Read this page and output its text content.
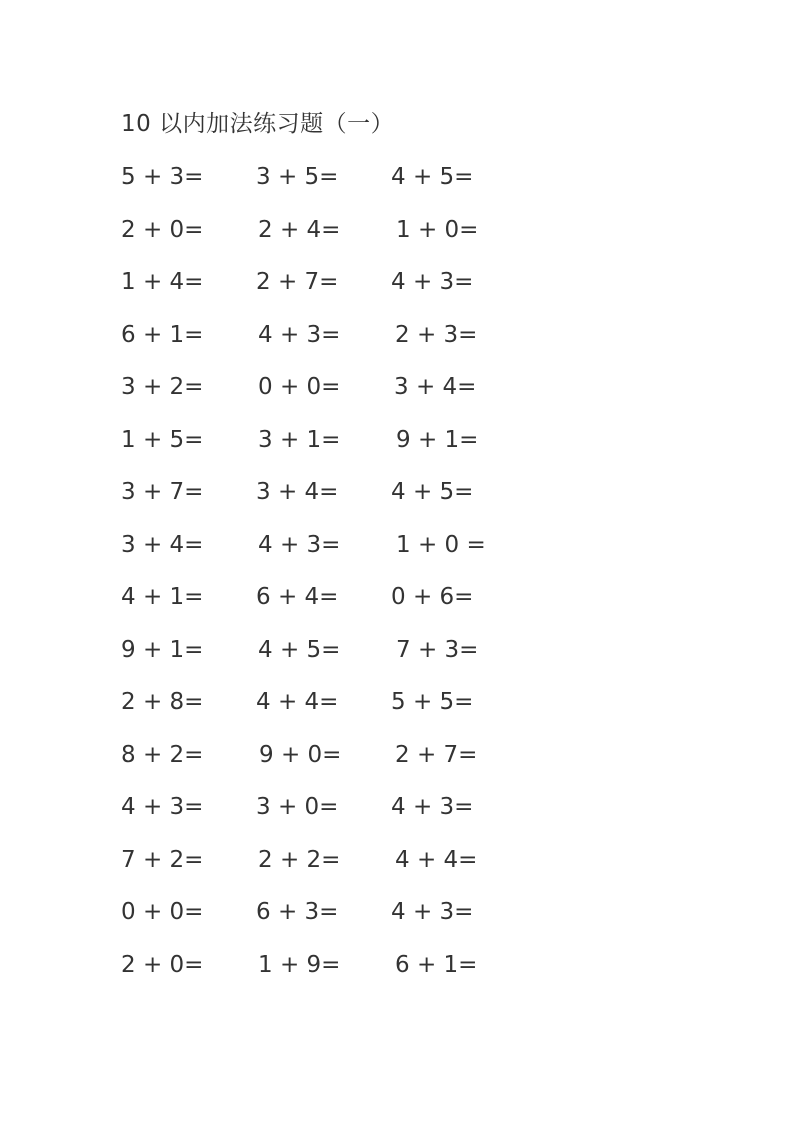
10 以内加法练习题（一）
5 + 3= 3 + 5= 4 + 5=
2 + 0= 2 + 4= 1 + 0=
1 + 4= 2 + 7= 4 + 3=
6 + 1= 4 + 3= 2 + 3=
3 + 2= 0 + 0= 3 + 4=
1 + 5= 3 + 1= 9 + 1=
3 + 7= 3 + 4= 4 + 5=
3 + 4= 4 + 3= 1 + 0 =
4 + 1= 6 + 4= 0 + 6=
9 + 1= 4 + 5= 7 + 3=
2 + 8= 4 + 4= 5 + 5=
8 + 2= 9 + 0= 2 + 7=
4 + 3= 3 + 0= 4 + 3=
7 + 2= 2 + 2= 4 + 4=
0 + 0= 6 + 3= 4 + 3=
2 + 0= 1 + 9= 6 + 1=
